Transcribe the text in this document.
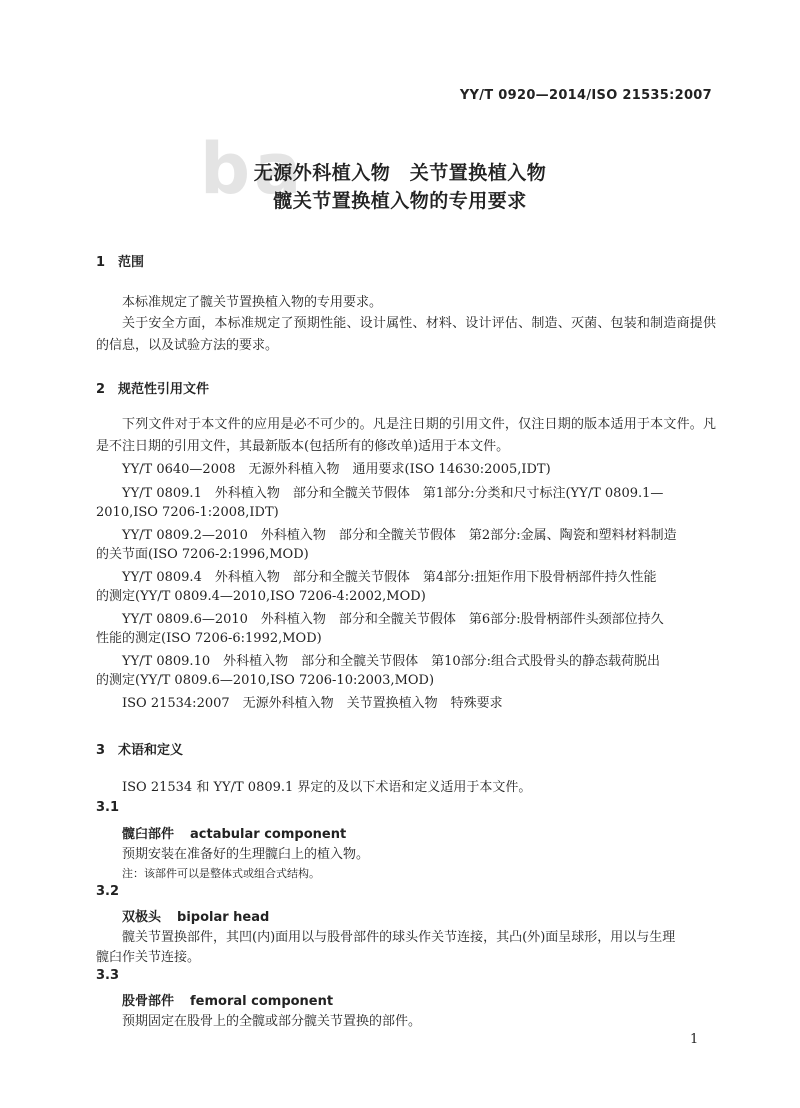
ba
YY/T 0920—2014/ISO 21535:2007
无源外科植入物　关节置换植入物
髋关节置换植入物的专用要求
1 范围
本标准规定了髋关节置换植入物的专用要求。
关于安全方面，本标准规定了预期性能、设计属性、材料、设计评估、制造、灭菌、包装和制造商提供的信息，以及试验方法的要求。
2 规范性引用文件
下列文件对于本文件的应用是必不可少的。凡是注日期的引用文件，仅注日期的版本适用于本文件。凡是不注日期的引用文件，其最新版本(包括所有的修改单)适用于本文件。
YY/T 0640—2008　无源外科植入物　通用要求(ISO 14630:2005,IDT)
YY/T 0809.1　外科植入物　部分和全髋关节假体　第1部分:分类和尺寸标注(YY/T 0809.1—
2010,ISO 7206-1:2008,IDT)
YY/T 0809.2—2010　外科植入物　部分和全髋关节假体　第2部分:金属、陶瓷和塑料材料制造
的关节面(ISO 7206-2:1996,MOD)
YY/T 0809.4　外科植入物　部分和全髋关节假体　第4部分:扭矩作用下股骨柄部件持久性能
的测定(YY/T 0809.4—2010,ISO 7206-4:2002,MOD)
YY/T 0809.6—2010　外科植入物　部分和全髋关节假体　第6部分:股骨柄部件头颈部位持久
性能的测定(ISO 7206-6:1992,MOD)
YY/T 0809.10　外科植入物　部分和全髋关节假体　第10部分:组合式股骨头的静态载荷脱出
的测定(YY/T 0809.6—2010,ISO 7206-10:2003,MOD)
ISO 21534:2007　无源外科植入物　关节置换植入物　特殊要求
3 术语和定义
ISO 21534 和 YY/T 0809.1 界定的及以下术语和定义适用于本文件。
3.1
髋臼部件 actabular component
预期安装在准备好的生理髋臼上的植入物。
注：该部件可以是整体式或组合式结构。
3.2
双极头 bipolar head
髋关节置换部件，其凹(内)面用以与股骨部件的球头作关节连接，其凸(外)面呈球形，用以与生理
髋臼作关节连接。
3.3
股骨部件 femoral component
预期固定在股骨上的全髋或部分髋关节置换的部件。
1
